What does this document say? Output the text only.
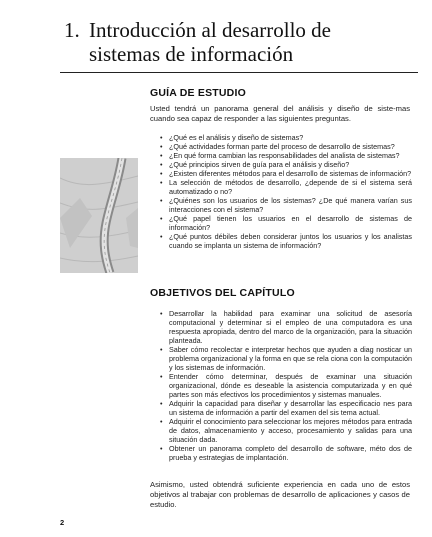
1. Introducción al desarrollo de
sistemas de información
GUÍA DE ESTUDIO

Usted tendrá un panorama general del análisis y diseño de siste-mas cuando sea capaz de responder a las siguientes preguntas.

• ¿Qué es el análisis y diseño de sistemas?
• ¿Qué actividades forman parte del proceso de desarrollo de sistemas?
• ¿En qué forma cambian las responsabilidades del analista de sistemas?
• ¿Qué principios sirven de guía para el análisis y diseño?
• ¿Existen diferentes métodos para el desarrollo de sistemas de información?
• La selección de métodos de desarrollo, ¿depende de si el sistema será automatizado o no?
• ¿Quiénes son los usuarios de los sistemas? ¿De qué manera varían sus interacciones con el sistema?
• ¿Qué papel tienen los usuarios en el desarrollo de sistemas de información?
• ¿Qué puntos débiles deben considerar juntos los usuarios y los analistas cuando se implanta un sistema de información?
OBJETIVOS DEL CAPÍTULO
• Desarrollar la habilidad para examinar una solicitud de asesoría computacional y determinar si el empleo de una computadora es una respuesta apropiada, dentro del marco de la organización, para la situación planteada.
• Saber cómo recolectar e interpretar hechos que ayuden a diag nosticar un problema organizacional y la forma en que se rela ciona con la computación y los sistemas de información.
• Entender cómo determinar, después de examinar una situación organizacional, dónde es deseable la asistencia computarizada y en qué partes son más efectivos los procedimientos y sistemas manuales.
• Adquirir la capacidad para diseñar y desarrollar las especificacio nes para un sistema de información a partir del examen del sis tema actual.
• Adquirir el conocimiento para seleccionar los mejores métodos para entrada de datos, almacenamiento y acceso, procesamiento y salidas para una situación dada.
• Obtener un panorama completo del desarrollo de software, méto dos de prueba y estrategias de implantación.

Asimismo, usted obtendrá suficiente experiencia en cada uno de estos objetivos al trabajar con problemas de desarrollo de aplicaciones y casos de estudio.

2
